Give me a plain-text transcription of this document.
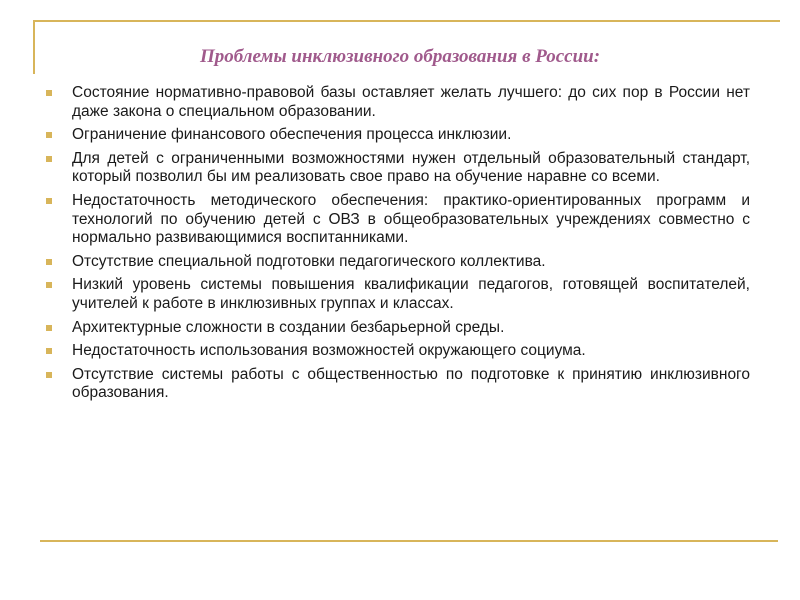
Проблемы инклюзивного образования в России:
Состояние нормативно-правовой базы оставляет желать лучшего: до сих пор в России нет даже закона о специальном образовании.
Ограничение финансового обеспечения процесса инклюзии.
Для детей с ограниченными возможностями нужен отдельный образовательный стандарт, который позволил бы им реализовать свое право на обучение наравне со всеми.
Недостаточность методического обеспечения: практико-ориентированных программ и технологий по обучению детей с ОВЗ в общеобразовательных учреждениях совместно с нормально развивающимися воспитанниками.
Отсутствие специальной подготовки педагогического коллектива.
Низкий уровень системы повышения квалификации педагогов, готовящей воспитателей, учителей к работе в инклюзивных группах и классах.
Архитектурные сложности в создании безбарьерной среды.
Недостаточность использования возможностей окружающего социума.
Отсутствие системы работы с общественностью по подготовке к принятию инклюзивного образования.
